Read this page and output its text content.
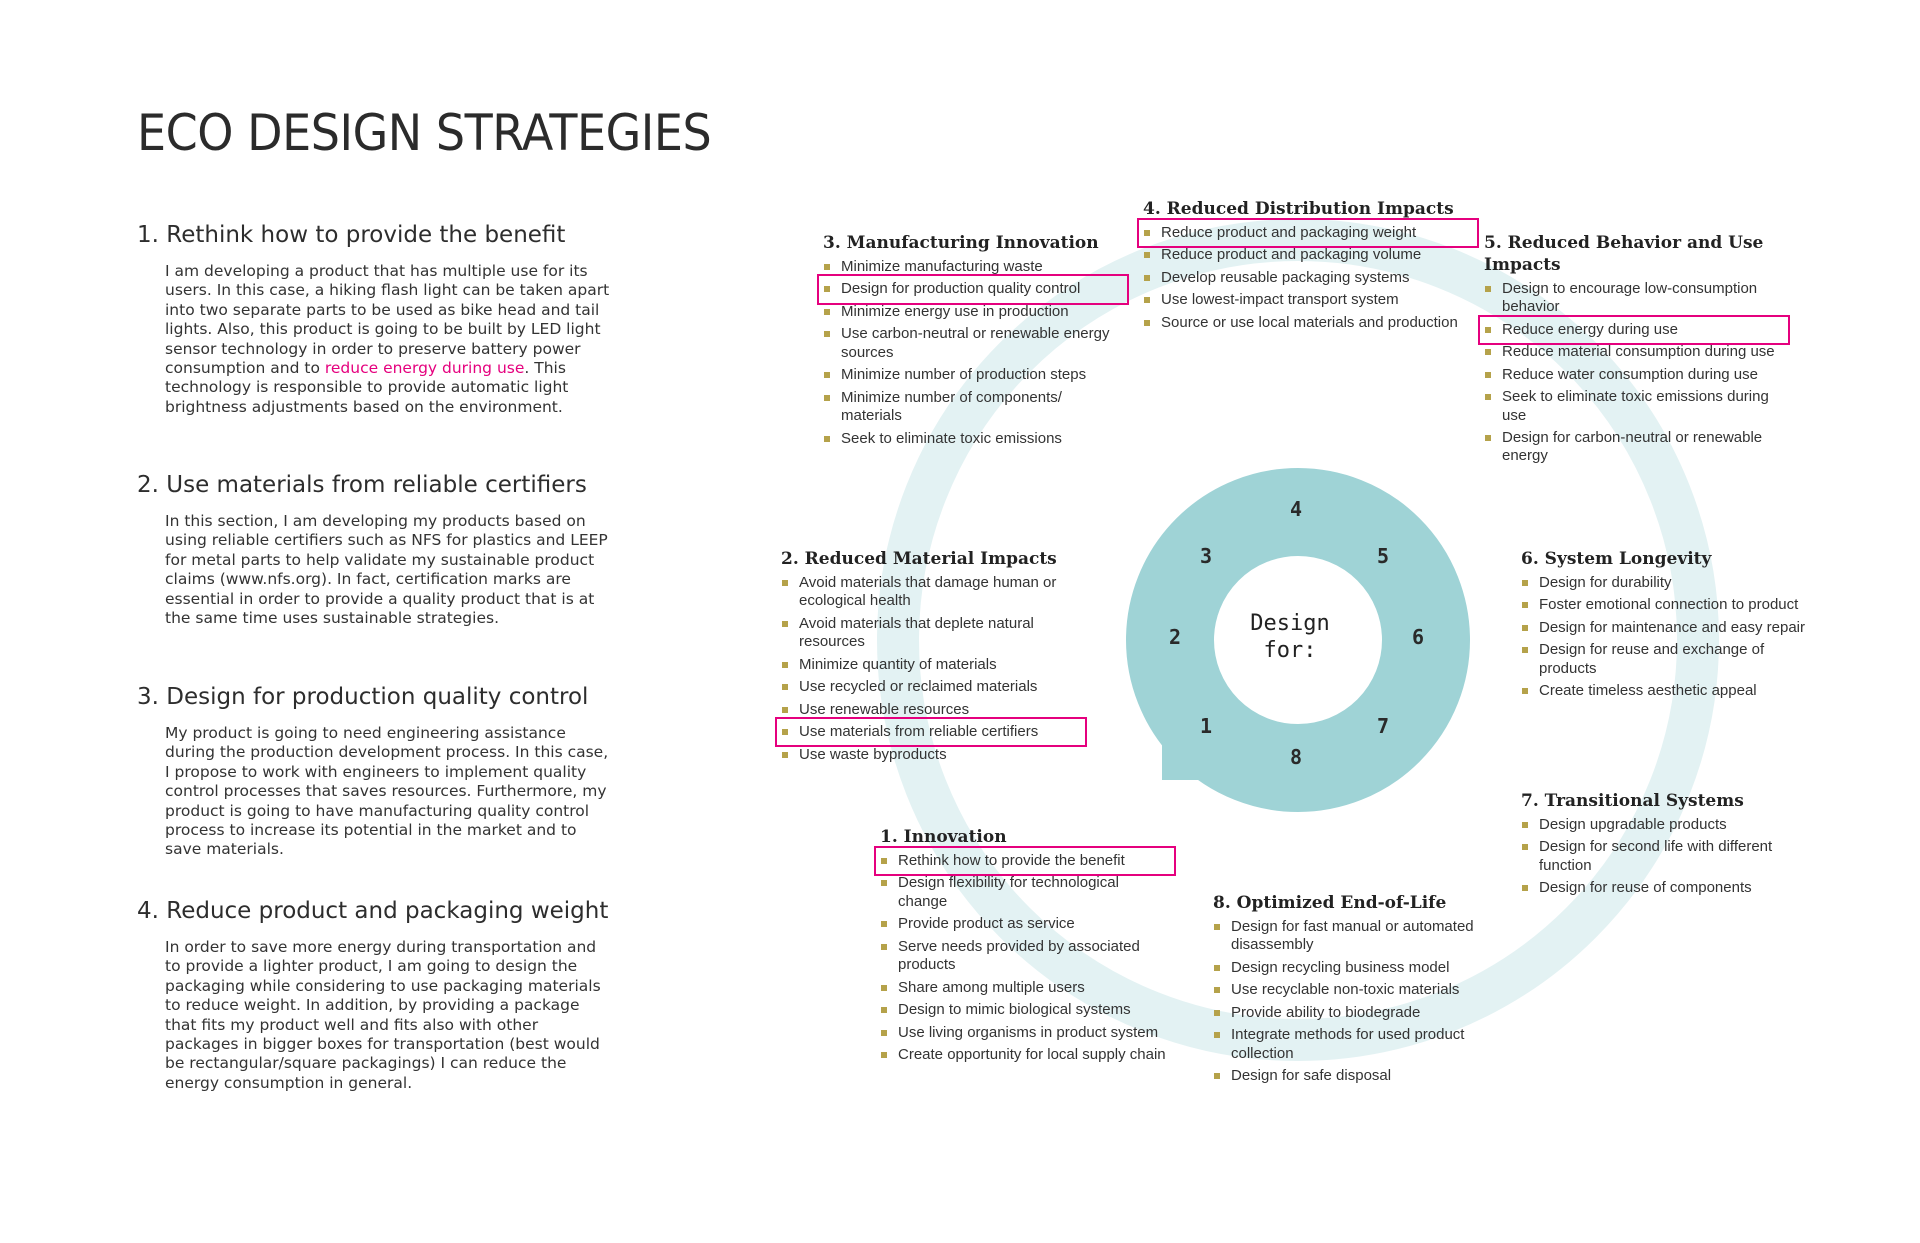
ECO DESIGN STRATEGIES
1. Rethink how to provide the benefit

I am developing a product that has multiple use for its users. In this case, a hiking flash light can be taken apart into two separate parts to be used as bike head and tail lights. Also, this product is going to be built by LED light sensor technology in order to preserve battery power consumption and to reduce energy during use. This technology is responsible to provide automatic light brightness adjustments based on the environment.

2. Use materials from reliable certifiers

In this section, I am developing my products based on using reliable certifiers such as NFS for plastics and LEEP for metal parts to help validate my sustainable product claims (www.nfs.org). In fact, certification marks are essential in order to provide a quality product that is at the same time uses sustainable strategies.

3. Design for production quality control

My product is going to need engineering assistance during the production development process. In this case, I propose to work with engineers to implement quality control processes that saves resources. Furthermore, my product is going to have manufacturing quality control process to increase its potential in the market and to save materials.

4. Reduce product and packaging weight

In order to save more energy during transportation and to provide a lighter product, I am going to design the packaging while considering to use packaging materials to reduce weight. In addition, by providing a package that fits my product well and fits also with other packages in bigger boxes for transportation (best would be rectangular/square packagings) I can reduce the energy consumption in general.

4
5
6
7
8
1
2
3
Design
for:
3. Manufacturing Innovation
Minimize manufacturing waste
Design for production quality control
Minimize energy use in production
Use carbon-neutral or renewable energy sources
Minimize number of production steps
Minimize number of components/ materials
Seek to eliminate toxic emissions
4. Reduced Distribution Impacts
Reduce product and packaging weight
Reduce product and packaging volume
Develop reusable packaging systems
Use lowest-impact transport system
Source or use local materials and production
5. Reduced Behavior and Use Impacts
Design to encourage low-consumption behavior
Reduce energy during use
Reduce material consumption during use
Reduce water consumption during use
Seek to eliminate toxic emissions during use
Design for carbon-neutral or renewable energy
2. Reduced Material Impacts
Avoid materials that damage human or ecological health
Avoid materials that deplete natural resources
Minimize quantity of materials
Use recycled or reclaimed materials
Use renewable resources
Use materials from reliable certifiers
Use waste byproducts
6. System Longevity
Design for durability
Foster emotional connection to product
Design for maintenance and easy repair
Design for reuse and exchange of products
Create timeless aesthetic appeal
7. Transitional Systems
Design upgradable products
Design for second life with different function
Design for reuse of components
1. Innovation
Rethink how to provide the benefit
Design flexibility for technological change
Provide product as service
Serve needs provided by associated products
Share among multiple users
Design to mimic biological systems
Use living organisms in product system
Create opportunity for local supply chain
8. Optimized End-of-Life
Design for fast manual or automated disassembly
Design recycling business model
Use recyclable non-toxic materials
Provide ability to biodegrade
Integrate methods for used product collection
Design for safe disposal
